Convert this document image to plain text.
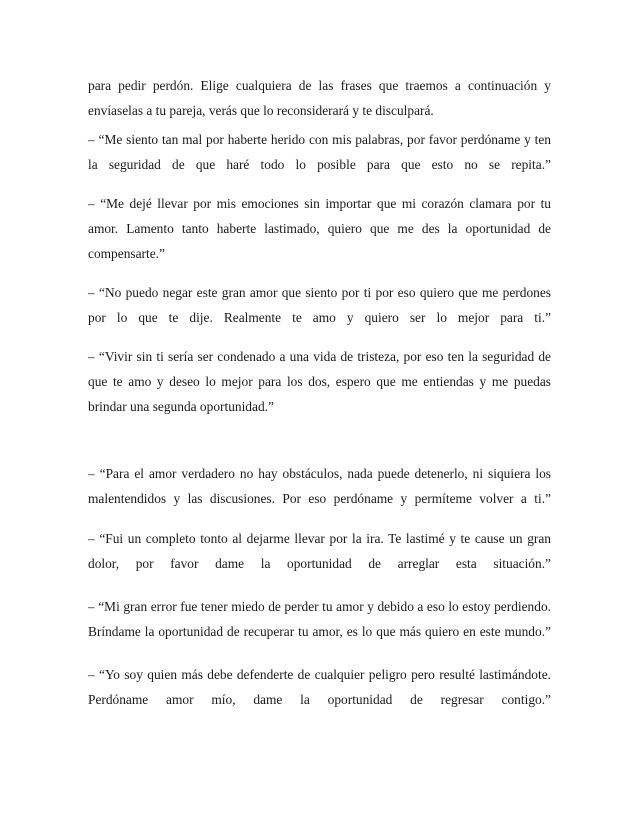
para pedir perdón. Elige cualquiera de las frases que traemos a continuación y envíaselas a tu pareja, verás que lo reconsiderará y te disculpará.

– “Me siento tan mal por haberte herido con mis palabras, por favor perdóname y ten la seguridad de que haré todo lo posible para que esto no se repita.”

– “Me dejé llevar por mis emociones sin importar que mi corazón clamara por tu amor. Lamento tanto haberte lastimado, quiero que me des la oportunidad de compensarte.”

– “No puedo negar este gran amor que siento por ti por eso quiero que me perdones por lo que te dije. Realmente te amo y quiero ser lo mejor para ti.”

– “Vivir sin ti sería ser condenado a una vida de tristeza, por eso ten la seguridad de que te amo y deseo lo mejor para los dos, espero que me entiendas y me puedas brindar una segunda oportunidad.”

– “Para el amor verdadero no hay obstáculos, nada puede detenerlo, ni siquiera los malentendidos y las discusiones. Por eso perdóname y permíteme volver a ti.”

– “Fui un completo tonto al dejarme llevar por la ira. Te lastimé y te cause un gran dolor, por favor dame la oportunidad de arreglar esta situación.”

– “Mi gran error fue tener miedo de perder tu amor y debido a eso lo estoy perdiendo. Bríndame la oportunidad de recuperar tu amor, es lo que más quiero en este mundo.”

– “Yo soy quien más debe defenderte de cualquier peligro pero resulté lastimándote. Perdóname amor mío, dame la oportunidad de regresar contigo.”
